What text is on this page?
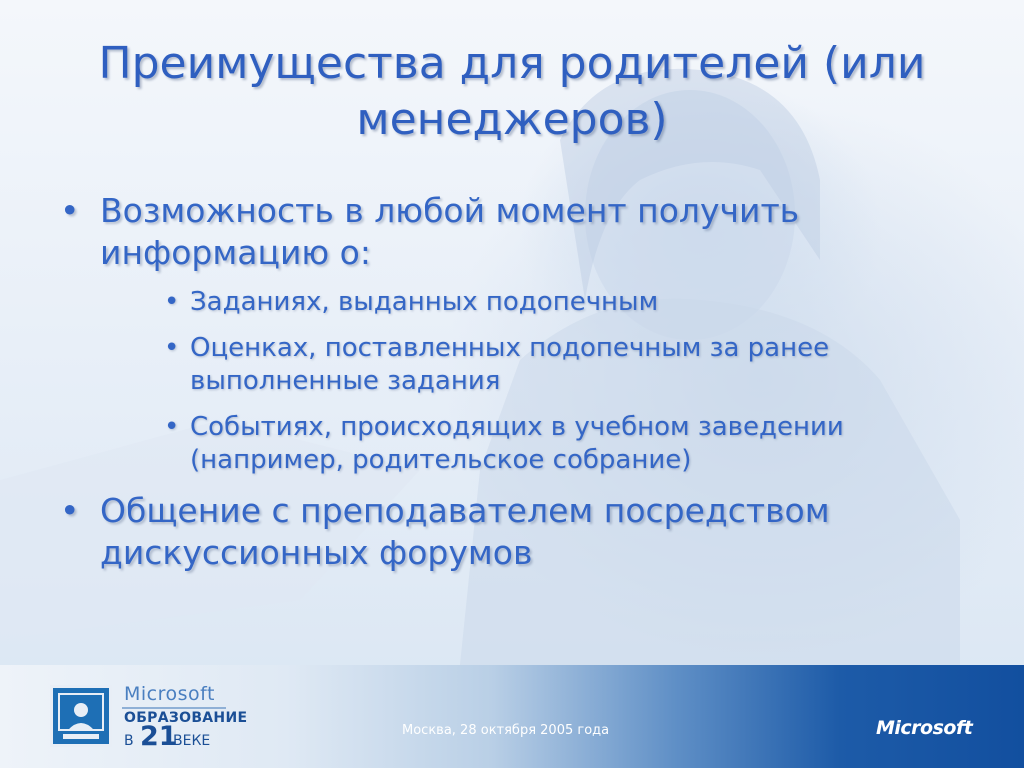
Преимущества для родителей (или менеджеров)
• Возможность в любой момент получить информацию о:
• Заданиях, выданных подопечным
• Оценках, поставленных подопечным за ранее выполненные задания
• Событиях, происходящих в учебном заведении (например, родительское собрание)
• Общение с преподавателем посредством дискуссионных форумов
Microsoft
ОБРАЗОВАНИЕ
В 21
ВЕКЕ
Москва, 28 октября 2005 года	Microsoft
